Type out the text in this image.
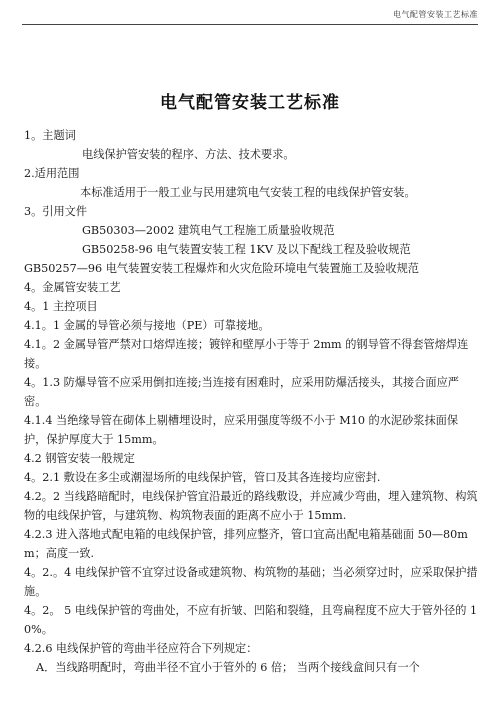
电气配管安装工艺标准
电气配管安装工艺标准

1。主题词

电线保护管安装的程序、方法、技术要求。

2.适用范围

本标准适用于一般工业与民用建筑电气安装工程的电线保护管安装。

3。引用文件

GB50303—2002 建筑电气工程施工质量验收规范

GB50258-96 电气装置安装工程 1KV 及以下配线工程及验收规范

GB50257—96 电气装置安装工程爆炸和火灾危险环境电气装置施工及验收规范

4。金属管安装工艺

4。1 主控项目

4.1。1 金属的导管必须与接地（PE）可靠接地。

4.1。2 金属导管严禁对口熔焊连接；镀锌和壁厚小于等于 2mm 的钢导管不得套管熔焊连接。

4。1.3 防爆导管不应采用倒扣连接;当连接有困难时，应采用防爆活接头，其接合面应严密。

4.1.4 当绝缘导管在砌体上剔槽埋设时，应采用强度等级不小于 M10 的水泥砂浆抹面保护，保护厚度大于 15mm。

4.2 钢管安装一般规定

4。2.1 敷设在多尘或潮湿场所的电线保护管，管口及其各连接均应密封.

4.2。2 当线路暗配时，电线保护管宜沿最近的路线敷设，并应减少弯曲，埋入建筑物、构筑物的电线保护管，与建筑物、构筑物表面的距离不应小于 15mm.

4.2.3 进入落地式配电箱的电线保护管，排列应整齐，管口宜高出配电箱基础面 50—80mm；高度一致.

4。2.。4 电线保护管不宜穿过设备或建筑物、构筑物的基础；当必须穿过时，应采取保护措施。

4。2。 5 电线保护管的弯曲处，不应有折皱、凹陷和裂缝，且弯扁程度不应大于管外径的 10%。

4.2.6 电线保护管的弯曲半径应符合下列规定：

A．当线路明配时，弯曲半径不宜小于管外的 6 倍； 当两个接线盒间只有一个
